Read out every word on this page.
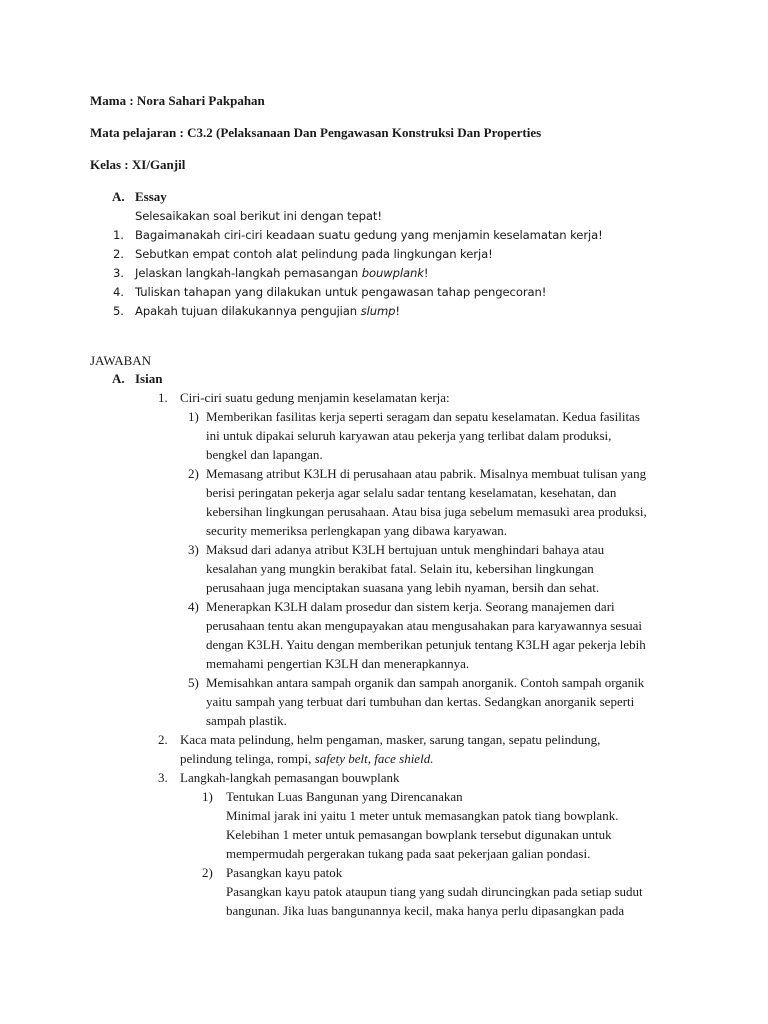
Mama : Nora Sahari Pakpahan
Mata pelajaran : C3.2 (Pelaksanaan Dan Pengawasan Konstruksi Dan Properties
Kelas : XI/Ganjil
A. Essay
Selesaikakan soal berikut ini dengan tepat!
1. Bagaimanakah ciri-ciri keadaan suatu gedung yang menjamin keselamatan kerja!
2. Sebutkan empat contoh alat pelindung pada lingkungan kerja!
3. Jelaskan langkah-langkah pemasangan bouwplank!
4. Tuliskan tahapan yang dilakukan untuk pengawasan tahap pengecoran!
5. Apakah tujuan dilakukannya pengujian slump!
JAWABAN
A. Isian
1. Ciri-ciri suatu gedung menjamin keselamatan kerja:
1) Memberikan fasilitas kerja seperti seragam dan sepatu keselamatan. Kedua fasilitas
ini untuk dipakai seluruh karyawan atau pekerja yang terlibat dalam produksi,
bengkel dan lapangan.
2) Memasang atribut K3LH di perusahaan atau pabrik. Misalnya membuat tulisan yang
berisi peringatan pekerja agar selalu sadar tentang keselamatan, kesehatan, dan
kebersihan lingkungan perusahaan. Atau bisa juga sebelum memasuki area produksi,
security memeriksa perlengkapan yang dibawa karyawan.
3) Maksud dari adanya atribut K3LH bertujuan untuk menghindari bahaya atau
kesalahan yang mungkin berakibat fatal. Selain itu, kebersihan lingkungan
perusahaan juga menciptakan suasana yang lebih nyaman, bersih dan sehat.
4) Menerapkan K3LH dalam prosedur dan sistem kerja. Seorang manajemen dari
perusahaan tentu akan mengupayakan atau mengusahakan para karyawannya sesuai
dengan K3LH. Yaitu dengan memberikan petunjuk tentang K3LH agar pekerja lebih
memahami pengertian K3LH dan menerapkannya.
5) Memisahkan antara sampah organik dan sampah anorganik. Contoh sampah organik
yaitu sampah yang terbuat dari tumbuhan dan kertas. Sedangkan anorganik seperti
sampah plastik.
2. Kaca mata pelindung, helm pengaman, masker, sarung tangan, sepatu pelindung,
pelindung telinga, rompi, safety belt, face shield.
3. Langkah-langkah pemasangan bouwplank
1) Tentukan Luas Bangunan yang Direncanakan
Minimal jarak ini yaitu 1 meter untuk memasangkan patok tiang bowplank.
Kelebihan 1 meter untuk pemasangan bowplank tersebut digunakan untuk
mempermudah pergerakan tukang pada saat pekerjaan galian pondasi.
2) Pasangkan kayu patok
Pasangkan kayu patok ataupun tiang yang sudah diruncingkan pada setiap sudut
bangunan. Jika luas bangunannya kecil, maka hanya perlu dipasangkan pada
